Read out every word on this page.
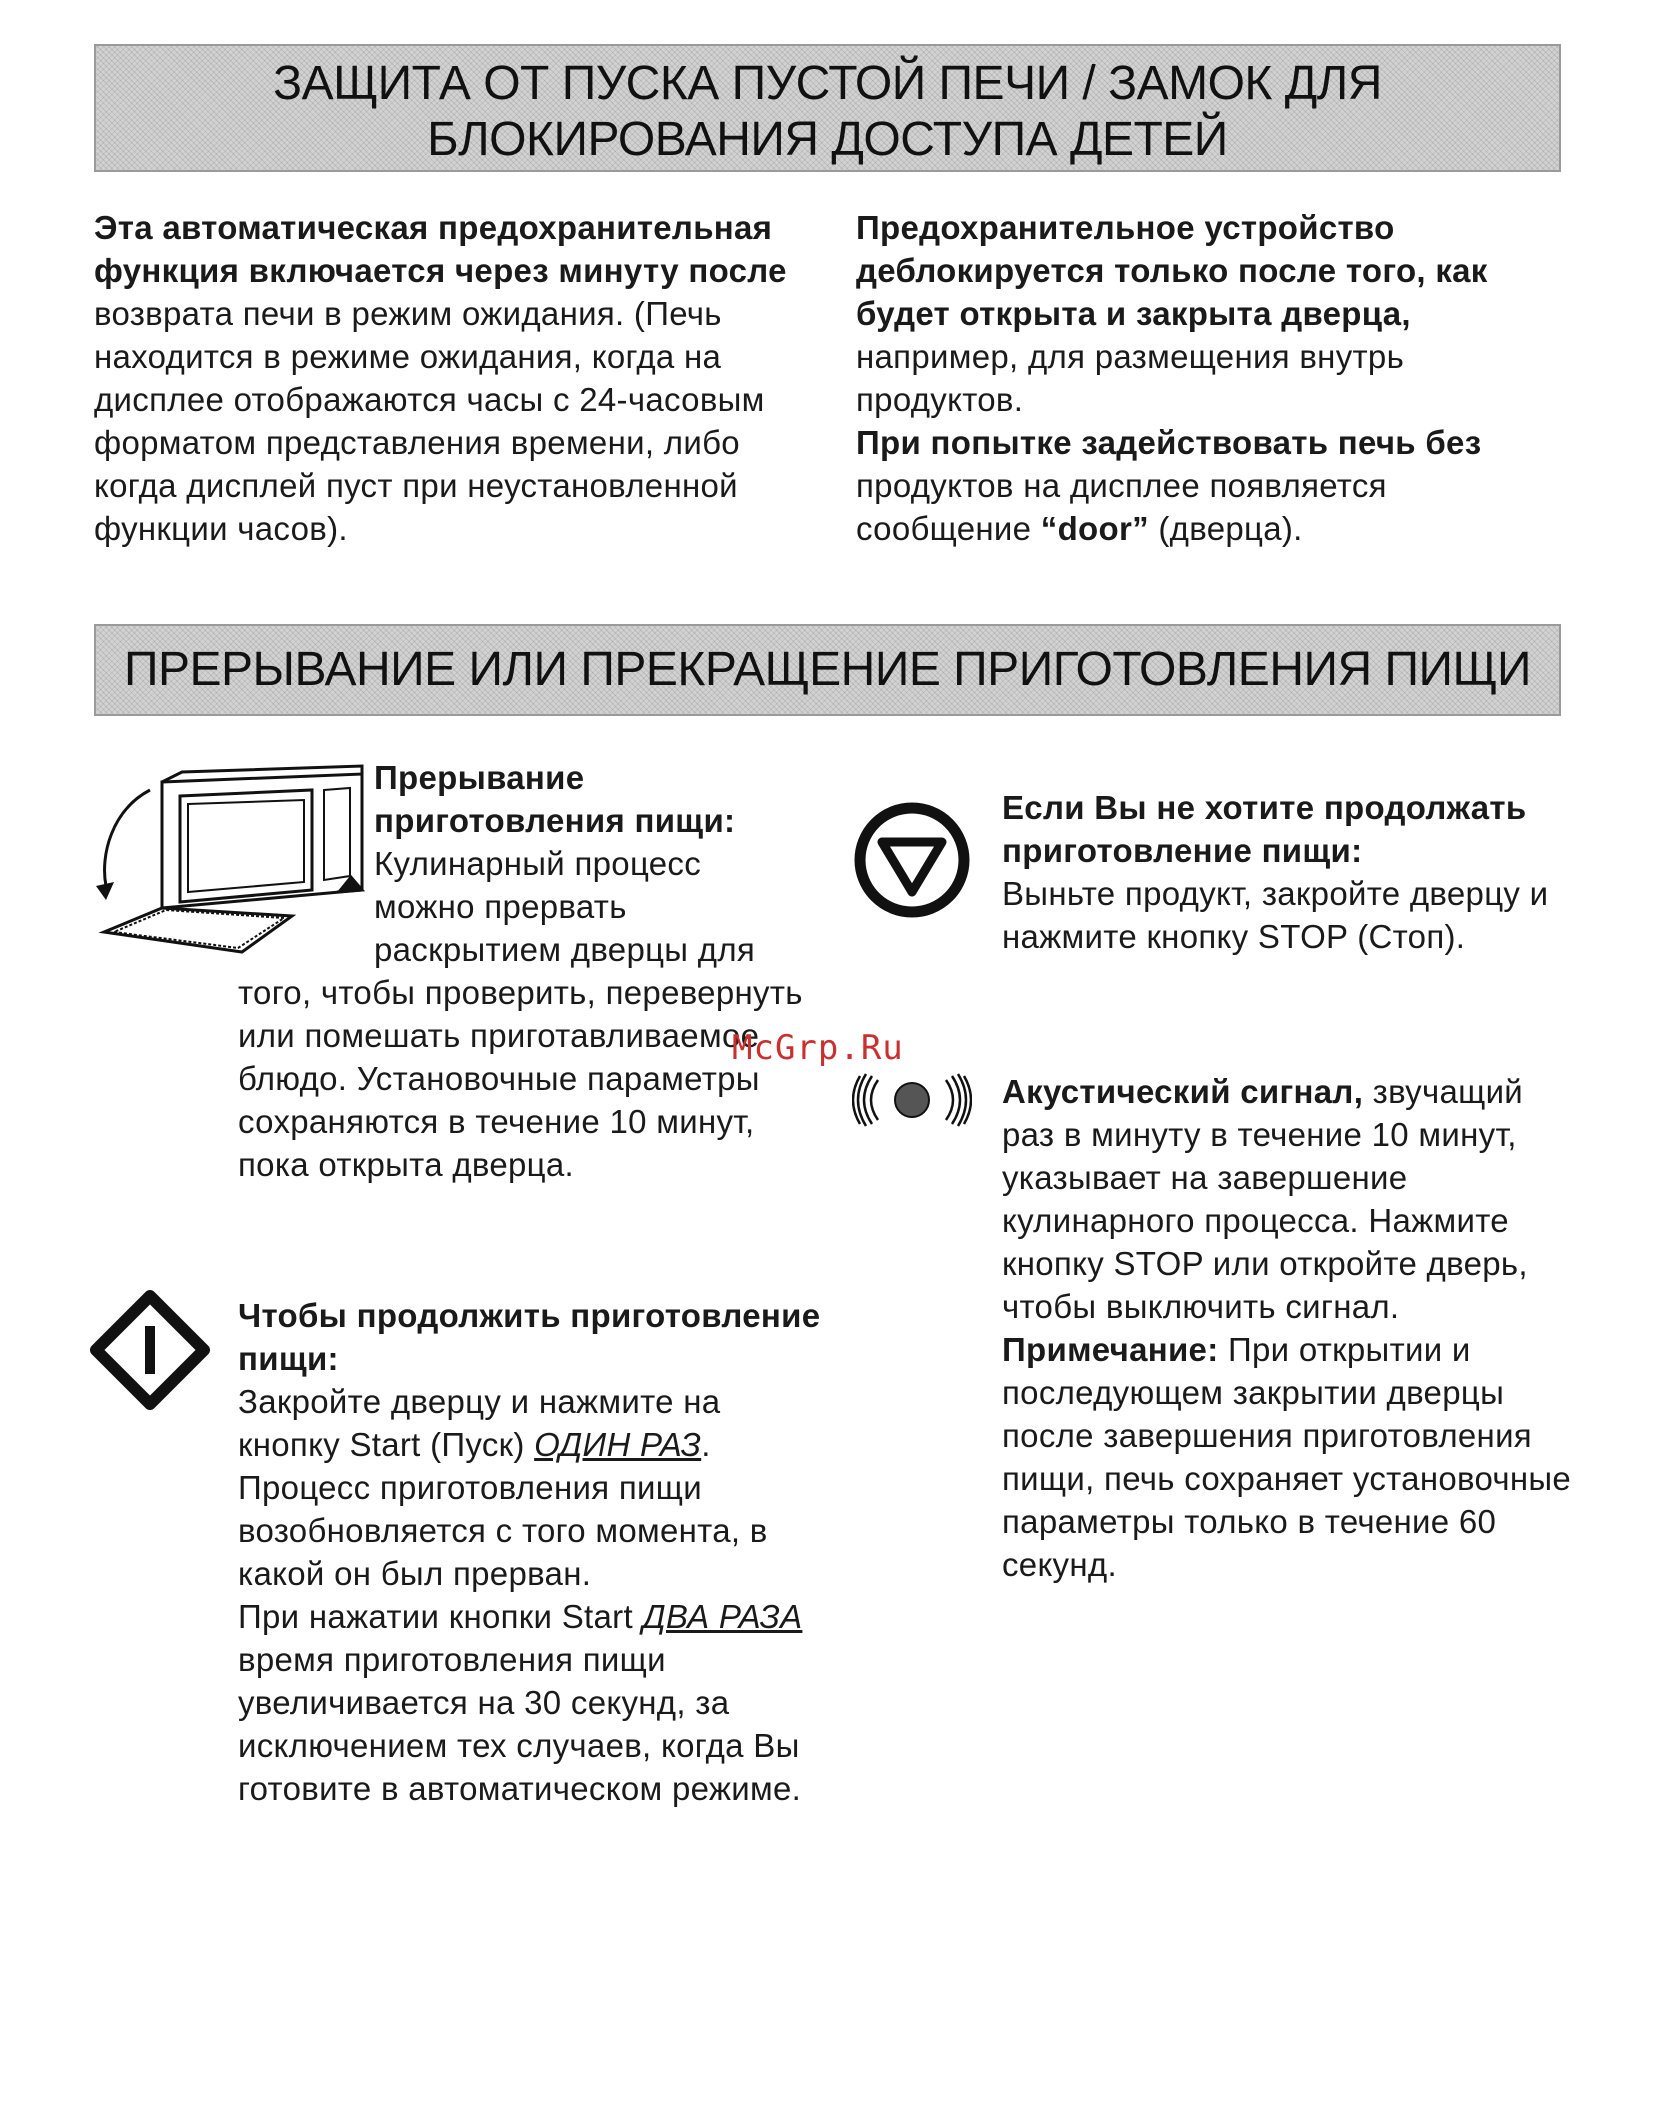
ЗАЩИТА ОТ ПУСКА ПУСТОЙ ПЕЧИ / ЗАМОК ДЛЯ
БЛОКИРОВАНИЯ ДОСТУПА ДЕТЕЙ

Эта автоматическая предохранительная функция включается через минуту после возврата печи в режим ожидания. (Печь находится в режиме ожидания, когда на дисплее отображаются часы с 24-часовым форматом представления времени, либо когда дисплей пуст при неустановленной функции часов).

Предохранительное устройство деблокируется только после того, как будет открыта и закрыта дверца, например, для размещения внутрь продуктов.

При попытке задействовать печь без продуктов на дисплее появляется сообщение “door” (дверца).

ПРЕРЫВАНИЕ ИЛИ ПРЕКРАЩЕНИЕ ПРИГОТОВЛЕНИЯ ПИЩИ

Прерывание приготовления пищи:
Кулинарный процесс можно прервать раскрытием дверцы для того, чтобы проверить, перевернуть или помешать приготавливаемое блюдо. Установочные параметры сохраняются в течение 10 минут, пока открыта дверца.

Чтобы продолжить приготовление пищи:
Закройте дверцу и нажмите на кнопку Start (Пуск) ОДИН РАЗ. Процесс приготовления пищи возобновляется с того момента, в какой он был прерван.

При нажатии кнопки Start ДВА РАЗА время приготовления пищи увеличивается на 30 секунд, за исключением тех случаев, когда Вы готовите в автоматическом режиме.

Если Вы не хотите продолжать приготовление пищи:
Выньте продукт, закройте дверцу и нажмите кнопку STOP (Стоп).

McGrp.Ru

Акустический сигнал, звучащий раз в минуту в течение 10 минут, указывает на завершение кулинарного процесса. Нажмите кнопку STOP или откройте дверь, чтобы выключить сигнал.

Примечание: При открытии и последующем закрытии дверцы после завершения приготовления пищи, печь сохраняет установочные параметры только в течение 60 секунд.
